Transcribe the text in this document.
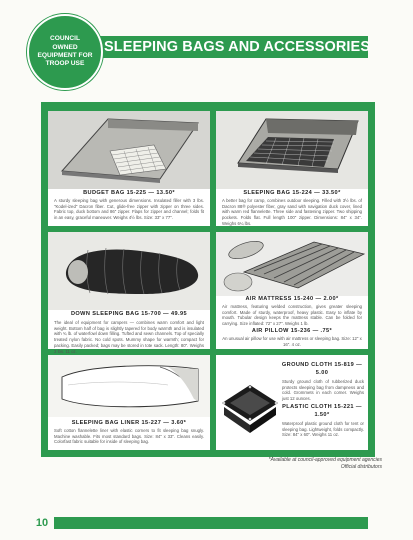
COUNCIL
OWNED
EQUIPMENT FOR
TROOP USE
SLEEPING BAGS AND ACCESSORIES
BUDGET BAG 15-225 — 13.50*
A sturdy sleeping bag with generous dimensions. Insulated filler with 3 lbs. "Kodel-ized" Dacron fiber. Cut, glide-free zipper with zipper on three sides. Fabric top, duck bottom and 86" zipper. Flaps for zipper and channel; folds fit in an easy, graceful maneuver. Weighs 4½ lbs. Size: 33" x 77".
SLEEPING BAG 15-224 — 33.50*
A better bag for camp, combines outdoor sleeping. Filled with 3½ lbs. of Dacron 88® polyester fiber, gray sand with navigation duck cover, lined with warm red flannelette. Three side and fastening zipper. Two shipping pockets. Folds flat. Full length 100" zipper. Dimensions: 84" x 34". Weighs 6¼ lbs.
DOWN SLEEPING BAG 15-700 — 49.95
The ideal of equipment for campers — combines warm comfort and light weight. Bottom half of bag is slightly tapered for body warmth and is insulated with ¾ lb. of waterfowl down filling. Tufted and sewn channels. Top of specially treated nylon fabric. No cold spots. Mummy shape for warmth; compact for packing. Easily packed; bags may be stored in tote sack. Length: 80". Weighs 3 lbs. 11 oz.
AIR MATTRESS 15-240 — 2.00*
Air mattress, featuring welded construction, gives greater sleeping comfort. Made of sturdy, waterproof, heavy plastic. Easy to inflate by mouth. Tubular design keeps the mattress stable. Can be folded for carrying. Size inflated: 72" x 27". Weighs 1 lb.
AIR PILLOW 15-236 — .75*
An unusual air pillow for use with air mattress or sleeping bag. Size: 12" x 16". 4 oz.
SLEEPING BAG LINER 15-227 — 3.60*
Soft cotton flannelette liner with elastic corners to fit sleeping bag snugly. Machine washable. Fits most standard bags. Size: 84" x 33". Cleans easily. Colorfast fabric suitable for inside of sleeping bag.
GROUND CLOTH 15-819 — 5.00
Sturdy ground cloth of rubberized duck protects sleeping bag from dampness and cold. Grommets in each corner. Weighs just 12 ounces.
PLASTIC CLOTH 15-221 — 1.50*
Waterproof plastic ground cloth for tent or sleeping bag. Lightweight, folds compactly. Size: 84" x 60". Weighs 11 oz.
*Available at council-approved equipment agencies
Official distributors
10
